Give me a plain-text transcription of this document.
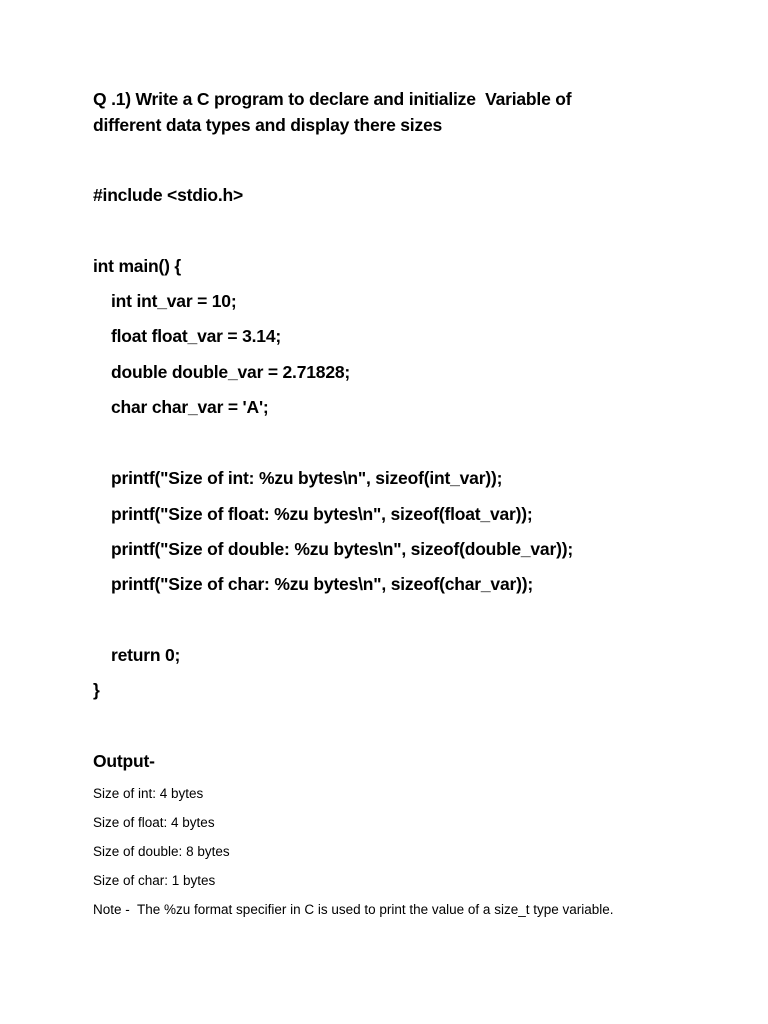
Q .1) Write a C program to declare and initialize  Variable of
different data types and display there sizes
#include <stdio.h>
int main() {
int int_var = 10;
float float_var = 3.14;
double double_var = 2.71828;
char char_var = 'A';
printf("Size of int: %zu bytes\n", sizeof(int_var));
printf("Size of float: %zu bytes\n", sizeof(float_var));
printf("Size of double: %zu bytes\n", sizeof(double_var));
printf("Size of char: %zu bytes\n", sizeof(char_var));
return 0;
}
Output-
Size of int: 4 bytes
Size of float: 4 bytes
Size of double: 8 bytes
Size of char: 1 bytes
Note -  The %zu format specifier in C is used to print the value of a size_t type variable.
